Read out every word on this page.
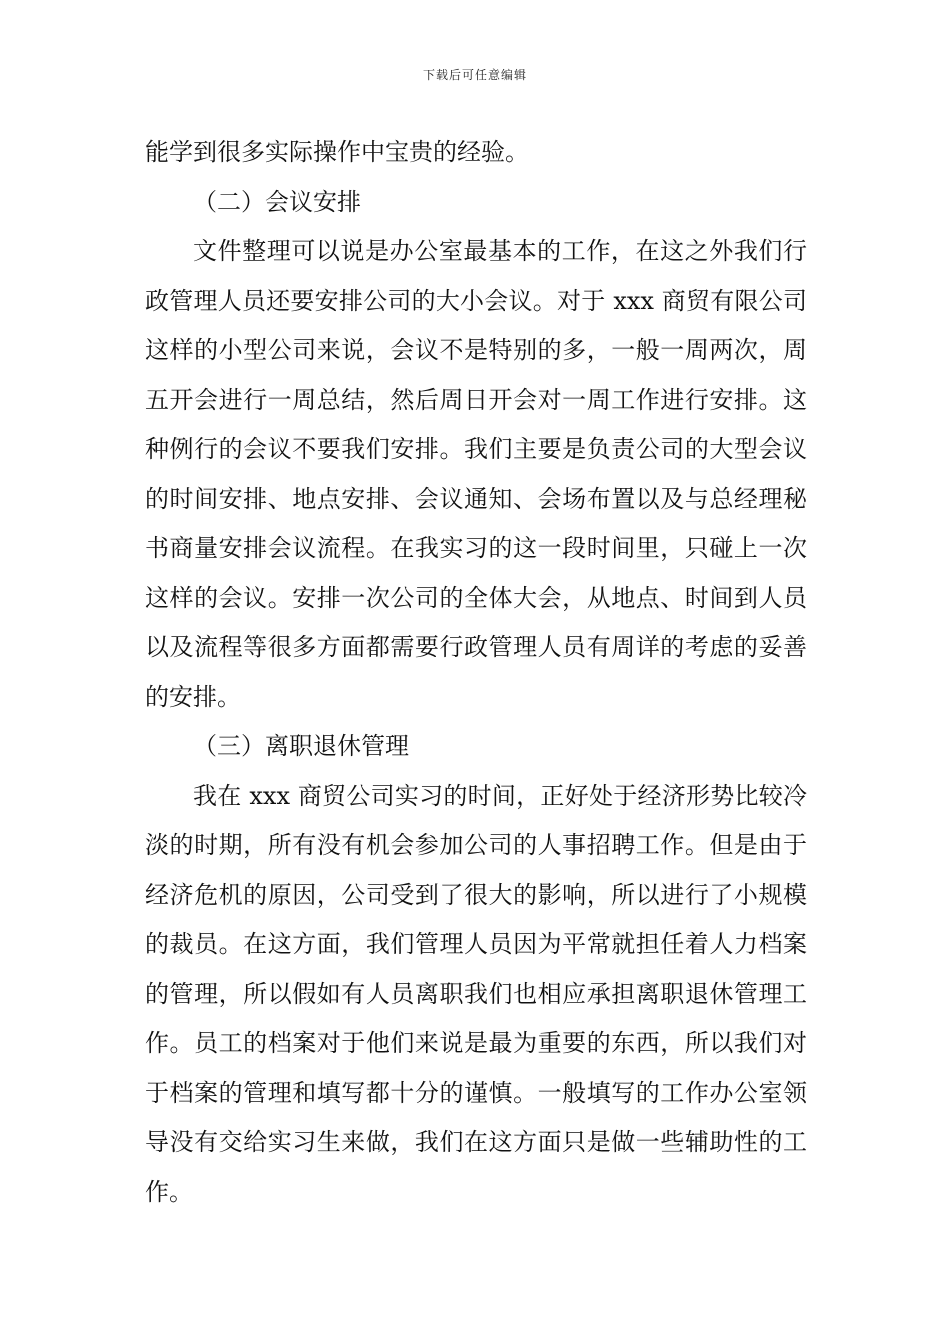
下载后可任意编辑

能学到很多实际操作中宝贵的经验。

（二）会议安排

文件整理可以说是办公室最基本的工作，在这之外我们行政管理人员还要安排公司的大小会议。对于 xxx 商贸有限公司这样的小型公司来说，会议不是特别的多，一般一周两次，周五开会进行一周总结，然后周日开会对一周工作进行安排。这种例行的会议不要我们安排。我们主要是负责公司的大型会议的时间安排、地点安排、会议通知、会场布置以及与总经理秘书商量安排会议流程。在我实习的这一段时间里，只碰上一次这样的会议。安排一次公司的全体大会，从地点、时间到人员以及流程等很多方面都需要行政管理人员有周详的考虑的妥善的安排。

（三）离职退休管理

我在 xxx 商贸公司实习的时间，正好处于经济形势比较冷淡的时期，所有没有机会参加公司的人事招聘工作。但是由于经济危机的原因，公司受到了很大的影响，所以进行了小规模的裁员。在这方面，我们管理人员因为平常就担任着人力档案的管理，所以假如有人员离职我们也相应承担离职退休管理工作。员工的档案对于他们来说是最为重要的东西，所以我们对于档案的管理和填写都十分的谨慎。一般填写的工作办公室领导没有交给实习生来做，我们在这方面只是做一些辅助性的工作。
